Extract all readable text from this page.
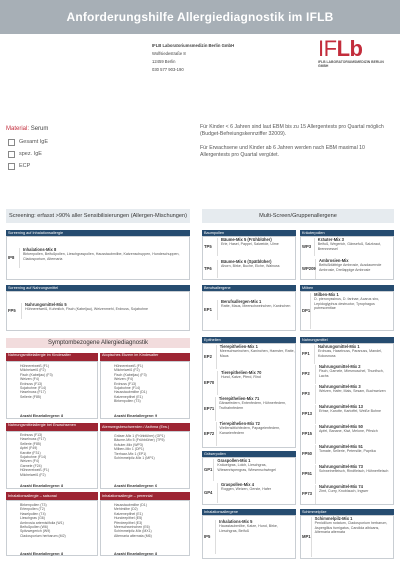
Anforderungshilfe Allergiediagnostik im IFLB
IFLB Laboratoriumsmedizin Berlin GmbH
Wolfsiedestraße 8
12459 Berlin
030 577 903-190
IFLb
IFLB LABORATORIUMSMEDIZIN BERLIN GMBH
Material: Serum
Gesamt IgE
spez. IgE
ECP
Für Kinder < 6 Jahren sind laut EBM bis zu 15 Allergentests pro Quartal möglich (Budget-Befreiungskennziffer 32009).
Für Erwachsene und Kinder ab 6 Jahren werden nach EBM maximal 10 Allergentests pro Quartal vergütet.
Screening: erfasst >90% aller Sensibilisierungen (Allergen-Mischungen)	Multi-Screen/Gruppenallergene
Screening auf Inhalationsallergie
IP8
Inhalations-Mix 8
Birkenpollen, Beifußpollen, Lieschgraspollen, Hausstaubmilbe, Katzenschuppen, Hundeschuppen, Cladosporium, Alternaria
Screening auf Nahrungsmittel
FP5
Nahrungsmittel-Mix 5
Hühnereiweiß, Kuhmilch, Fisch (Kabeljau), Weizenmehl, Erdnuss, Sojabohne
Baumpollen
TP5
Bäume-Mix 5 (Frühblüher)
Erle, Hasel, Pappel, Salweide, Ulme
TP6
Bäume-Mix 6 (Spätblüher)
Ahorn, Birke, Buche, Eiche, Walnuss
Kräuterpollen
WP3
Kräuter-Mix 3
Beifuß, Wegerich, Gänsefuß, Salzkraut, Brennnessel
WP209
Ambrosien-Mix
Beifußblättrige Ambrosie, Ausdauernde Ambrosie, Dreilappige Ambrosie
Berufsallergene
EP1
Berufsallergen-Mix 1
Ratte, Maus, Meerschweinchen, Kaninchen
Milben
DP1
Milben-Mix 1
D. pteronyssinus, D. farinae, Acarus siro, Lepidoglyphus destructor, Tyrophagus putrescentiae
Symptombezogene Allergiediagnostik
Nahrungsmittelallergie im Kindesalter
Hühnereiweiß (F1)
Milcheiweiß (F2)
Fisch (Kabeljau) (F3)
Weizen (F4)
Erdnuss (F13)
Sojabohne (F14)
Haselnuss (F17)
Sellerie (F85)
Anzahl Einzelallergene: 8
Atopisches Ekzem im Kindesalter
Hühnereiweiß (F1)
Milcheiweiß (F2)
Fisch (Kabeljau) (F3)
Weizen (F4)
Erdnuss (F13)
Sojabohne (F14)
Hausstaubmilbe (D1)
Katzenepithel (E1)
Birkenpollen (T3)
Anzahl Einzelallergene: 9
Nahrungsmittelallergie bei Erwachsenen
Erdnuss (F13)
Haselnuss (F17)
Sellerie (F85)
Apfel (F49)
Karotte (F31)
Sojabohne (F14)
Weizen (F4)
Garnele (F24)
Hühnereiweiß (F1)
Milcheiweiß (F2)
Anzahl Einzelallergene: 8
Atemwegsbeschwerden / Asthma (Erw.)
Gräser-Mix 1 (Frühblüher) (GP1)
Bäume-Mix 5 (Frühblüher) (TP5)
Kräuter-Mix (WP3)
Milben-Mix 1 (DP1)
Tierhaar-Mix 1 (EP1)
Schimmelpilz-Mix 1 (MP1)
Anzahl Einzelallergene: 6
Inhalationsallergie – saisonal
Birkenpollen (T3)
Erlenpollen (T2)
Haselpollen (T4)
Lieschgras (G6)
Ambrosia artemisiifolia (W1)
Beifußpollen (W6)
Spitzwegerich (W9)
Cladosporium herbarum (M2)
Anzahl Einzelallergene: 8
Inhalationsallergie – perennial
Hausstaubmilbe (D1)
Mehlmilbe (D2)
Katzenepithel (E1)
Hundeepithel (E5)
Pferdeepithel (E3)
Meerschweinchen (E6)
Schimmelpilz-Mix (MX1)
Alternaria alternata (M6)
Anzahl Einzelallergene: 8
Epithelien
EP2
Tierepithelien-Mix 1
Meerschweinchen, Kaninchen, Hamster, Ratte, Maus
EP70
Tierepithelien-Mix 70
Hund, Katze, Pferd, Rind
EP71
Tierepithelien-Mix 71
Gänsefedern, Entenfedern, Hühnerfedern, Truthahnfedern
EP72
Tierepithelien-Mix 72
Wellensittichfedern, Papageienfedern, Kanarienfedern
Gräserpollen
GP1
Graspollen-Mix 1
Knäuelgras, Lolch, Lieschgras, Wiesenrispengras, Wiesenschwingel
GP4
Graspollen-Mix 4
Roggen, Weizen, Gerste, Hafer
Inhalationsallergene
IP5
Inhalations-Mix 5
Hausstaubmilbe, Katze, Hund, Birke, Lieschgras, Beifuß
Nahrungsmittel
FP1
Nahrungsmittel-Mix 1
Erdnuss, Haselnuss, Paranuss, Mandel, Kokosnuss
FP2
Nahrungsmittel-Mix 2
Fisch, Garnele, Miesmuschel, Thunfisch, Lachs
FP3
Nahrungsmittel-Mix 3
Weizen, Hafer, Mais, Sesam, Buchweizen
FP13
Nahrungsmittel-Mix 13
Erbse, Karotte, Kartoffel, Weiße Bohne
FP15
Nahrungsmittel-Mix 50
Apfel, Banane, Kiwi, Melone, Pfirsich
FP50
Nahrungsmittel-Mix 51
Tomate, Sellerie, Petersilie, Paprika
FP51
Nahrungsmittel-Mix 73
Schweinefleisch, Rindfleisch, Hühnerfleisch
FP73
Nahrungsmittel-Mix 74
Zimt, Curry, Knoblauch, Ingwer
Schimmelpilze
MP1
Schimmelpilz-Mix 1
Penicillium notatum, Cladosporium herbarum, Aspergillus fumigatus, Candida albicans, Alternaria alternata
